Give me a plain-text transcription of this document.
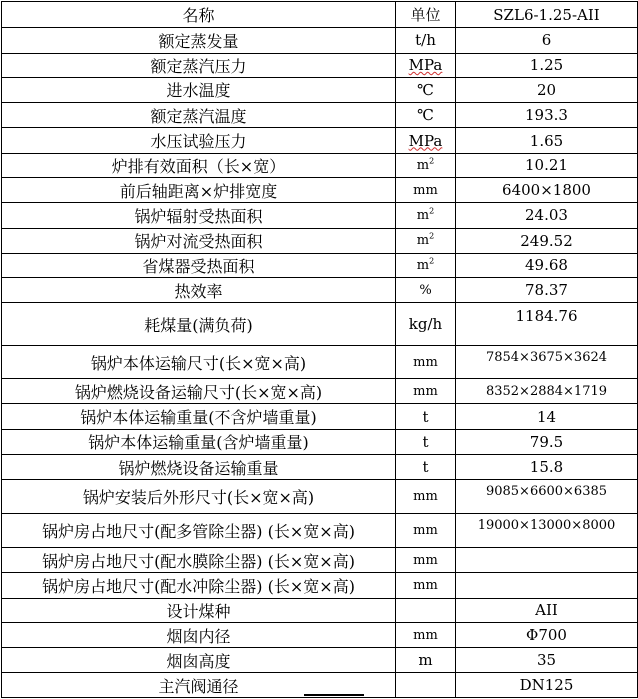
名称	单位	SZL6-1.25-AII
额定蒸发量	t/h	6
额定蒸汽压力	MPa	1.25
进水温度	℃	20
额定蒸汽温度	℃	193.3
水压试验压力	MPa	1.65
炉排有效面积（长×宽）	$m^2$	10.21
前后轴距离×炉排宽度	mm	6400×1800
锅炉辐射受热面积	$m^2$	24.03
锅炉对流受热面积	$m^2$	249.52
省煤器受热面积	$m^2$	49.68
热效率	%	78.37
耗煤量(满负荷)	kg/h	1184.76
锅炉本体运输尺寸(长×宽×高)	mm	7854×3675×3624
锅炉燃烧设备运输尺寸(长×宽×高)	mm	8352×2884×1719
锅炉本体运输重量(不含炉墙重量)	t	14
锅炉本体运输重量(含炉墙重量)	t	79.5
锅炉燃烧设备运输重量	t	15.8
锅炉安装后外形尺寸(长×宽×高)	mm	9085×6600×6385
锅炉房占地尺寸(配多管除尘器) (长×宽×高)	mm	19000×13000×8000
锅炉房占地尺寸(配水膜除尘器) (长×宽×高)	mm	
锅炉房占地尺寸(配水冲除尘器) (长×宽×高)	mm	
设计煤种		AII
烟囱内径	mm	Φ700
烟囱高度	m	35
主汽阀通径		DN125
